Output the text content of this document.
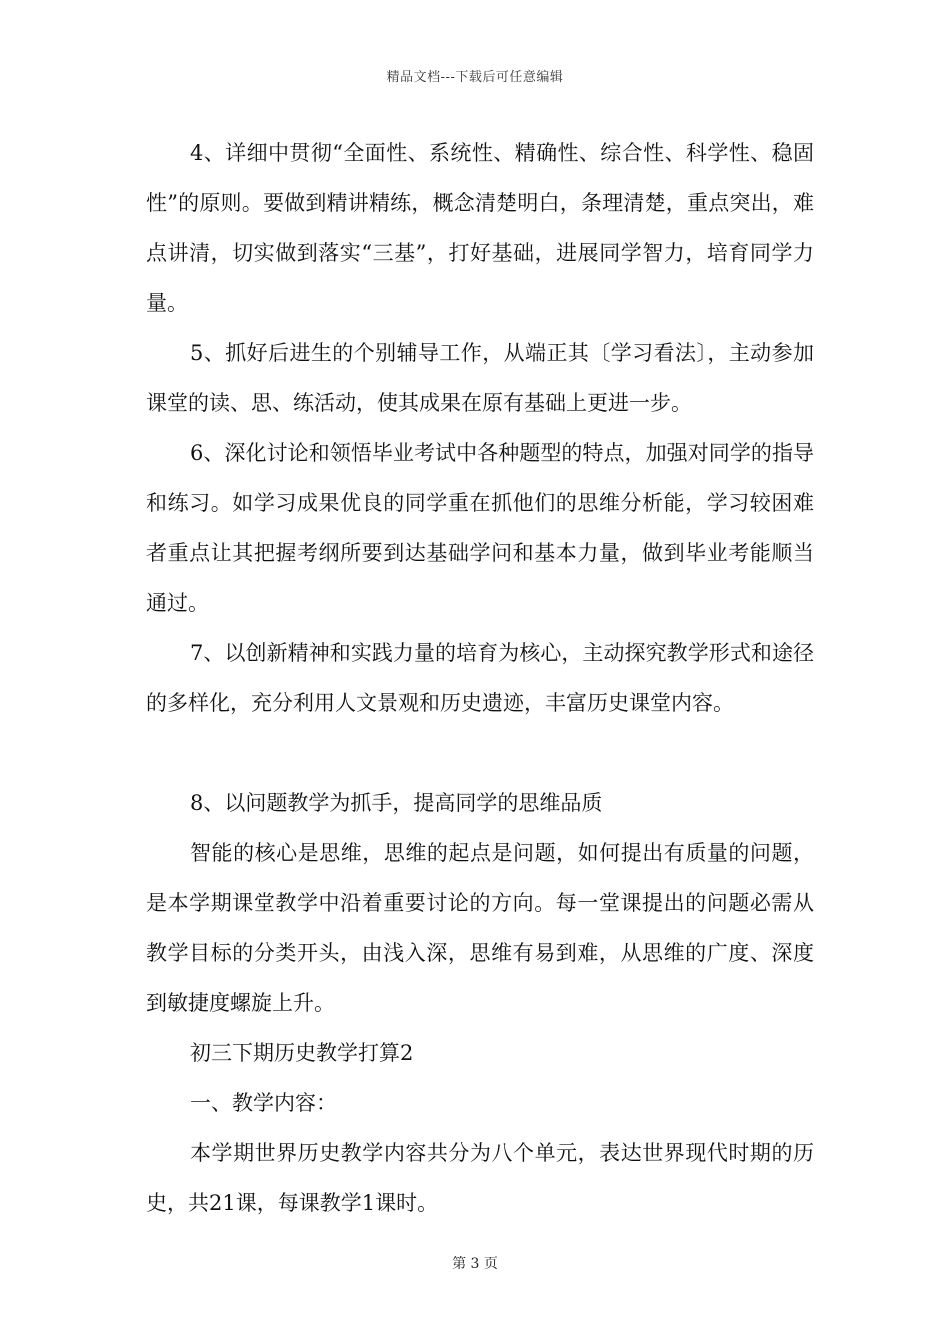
精品文档---下载后可任意编辑

4、详细中贯彻“全面性、系统性、精确性、综合性、科学性、稳固性”的原则。要做到精讲精练，概念清楚明白，条理清楚，重点突出，难点讲清，切实做到落实“三基”，打好基础，进展同学智力，培育同学力量。

5、抓好后进生的个别辅导工作，从端正其〔学习看法〕，主动参加课堂的读、思、练活动，使其成果在原有基础上更进一步。

6、深化讨论和领悟毕业考试中各种题型的特点，加强对同学的指导和练习。如学习成果优良的同学重在抓他们的思维分析能，学习较困难者重点让其把握考纲所要到达基础学问和基本力量，做到毕业考能顺当通过。

7、以创新精神和实践力量的培育为核心，主动探究教学形式和途径的多样化，充分利用人文景观和历史遗迹，丰富历史课堂内容。

8、以问题教学为抓手，提高同学的思维品质

智能的核心是思维，思维的起点是问题，如何提出有质量的问题，是本学期课堂教学中沿着重要讨论的方向。每一堂课提出的问题必需从教学目标的分类开头，由浅入深，思维有易到难，从思维的广度、深度到敏捷度螺旋上升。

初三下期历史教学打算2

一、教学内容：

本学期世界历史教学内容共分为八个单元，表达世界现代时期的历史，共21课，每课教学1课时。

第 3 页
